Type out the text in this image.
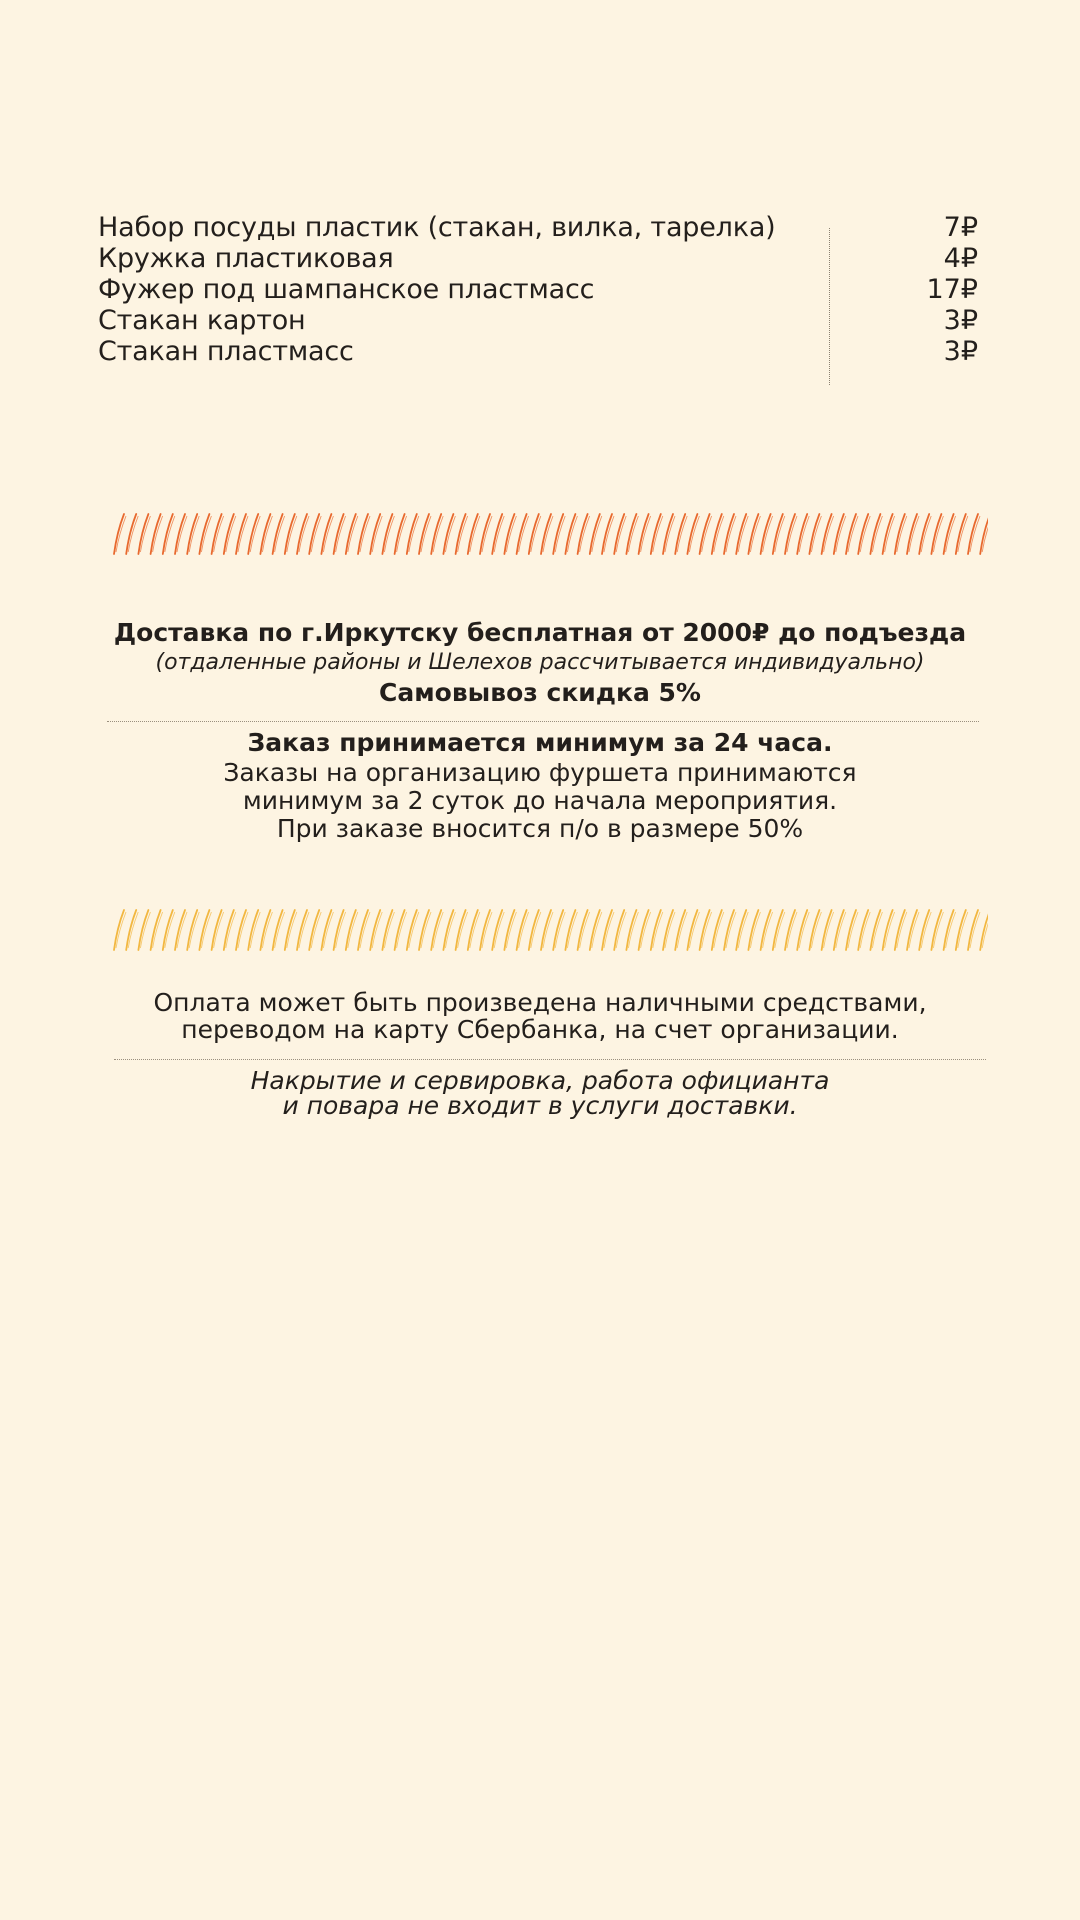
Набор посуды пластик (стакан, вилка, тарелка)	7₽
Кружка пластиковая	4₽
Фужер под шампанское пластмасс	17₽
Стакан картон	3₽
Стакан пластмасс	3₽
Доставка по г.Иркутску бесплатная от 2000₽ до подъезда
(отдаленные районы и Шелехов рассчитывается индивидуально)
Самовывоз скидка 5%
Заказ принимается минимум за 24 часа.
Заказы на организацию фуршета принимаются
минимум за 2 суток до начала мероприятия.
При заказе вносится п/о в размере 50%
Оплата может быть произведена наличными средствами,
переводом на карту Сбербанка, на счет организации.
Накрытие и сервировка, работа официанта
и повара не входит в услуги доставки.
